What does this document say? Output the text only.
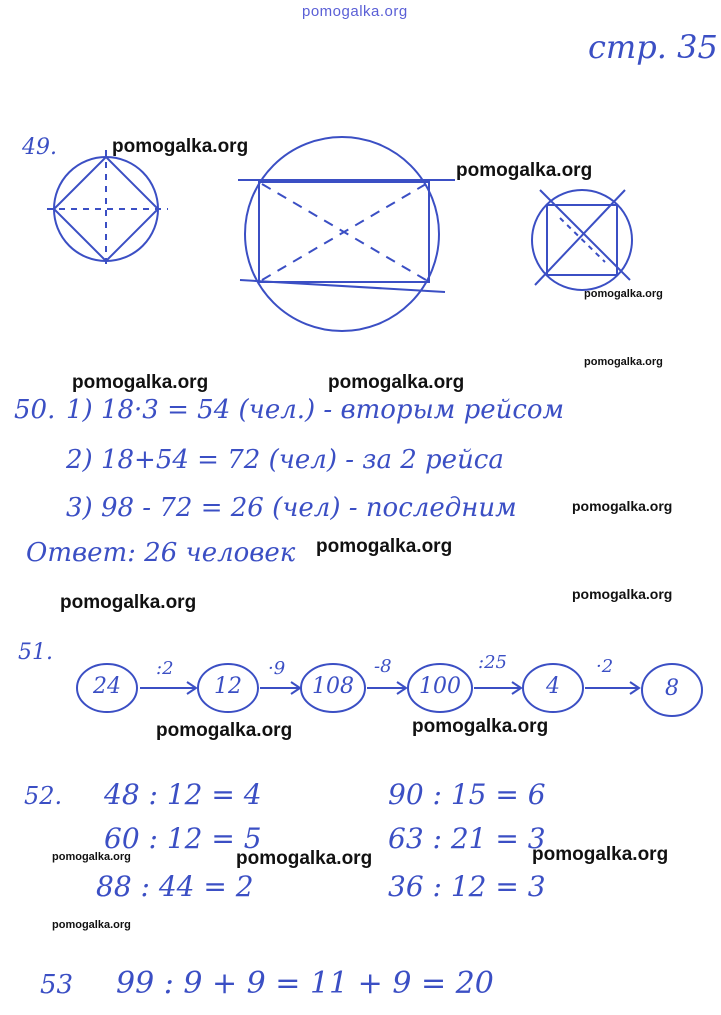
pomogalka.org
стр. 35
49.
50. 1) 18·3 = 54 (чел.) - вторым рейсом
2) 18+54 = 72 (чел) - за 2 рейса
3) 98 - 72 = 26 (чел) - последним
Ответ: 26 человек
51.
24	12	108	100	4	8
:2	·9	-8	:25	·2
52. 48 : 12 = 4
60 : 12 = 5
88 : 44 = 2
90 : 15 = 6
63 : 21 = 3
36 : 12 = 3
53 99 : 9 + 9 = 11 + 9 = 20
pomogalka.org
pomogalka.org
pomogalka.org
pomogalka.org
pomogalka.org	pomogalka.org
pomogalka.org
pomogalka.org
pomogalka.org
pomogalka.org
pomogalka.org	pomogalka.org
pomogalka.org	pomogalka.org	pomogalka.org
pomogalka.org
